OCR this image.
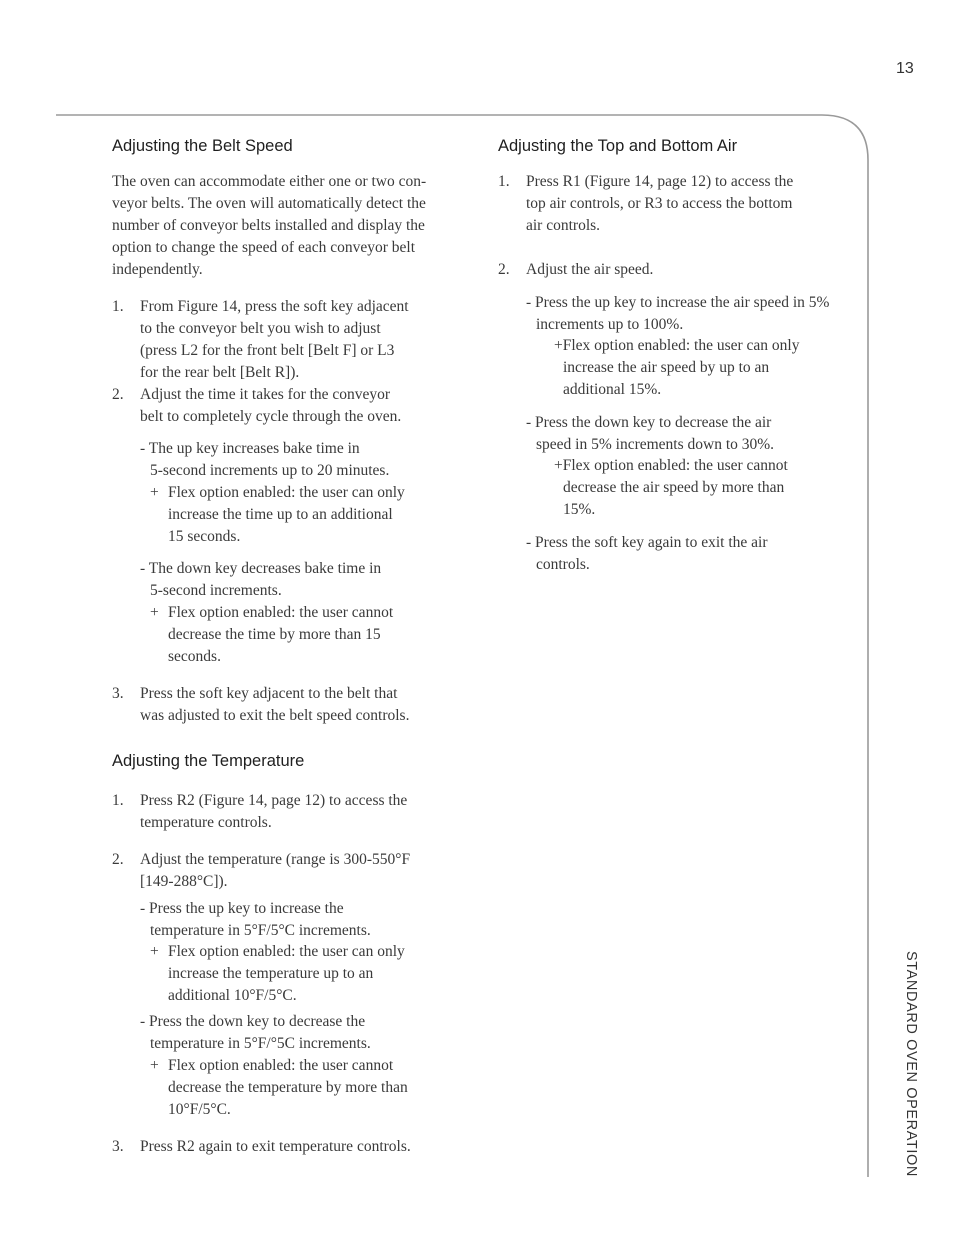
13
STANDARD OVEN OPERATION
Adjusting the Belt Speed
The oven can accommodate either one or two con-
veyor belts. The oven will automatically detect the
number of conveyor belts installed and display the
option to change the speed of each conveyor belt
independently.
1. From Figure 14, press the soft key adjacent
to the conveyor belt you wish to adjust
(press L2 for the front belt [Belt F] or L3
for the rear belt [Belt R]).
2. Adjust the time it takes for the conveyor
belt to completely cycle through the oven.
- The up key increases bake time in
5-second increments up to 20 minutes.
+ Flex option enabled: the user can only
increase the time up to an additional
15 seconds.
- The down key decreases bake time in
5-second increments.
+ Flex option enabled: the user cannot
decrease the time by more than 15
seconds.
3. Press the soft key adjacent to the belt that
was adjusted to exit the belt speed controls.
Adjusting the Temperature
1. Press R2 (Figure 14, page 12) to access the
temperature controls.
2. Adjust the temperature (range is 300-550°F
[149-288°C]).
- Press the up key to increase the
temperature in 5°F/5°C increments.
+ Flex option enabled: the user can only
increase the temperature up to an
additional 10°F/5°C.
- Press the down key to decrease the
temperature in 5°F/°5C increments.
+ Flex option enabled: the user cannot
decrease the temperature by more than
10°F/5°C.
3. Press R2 again to exit temperature controls.
Adjusting the Top and Bottom Air
1. Press R1 (Figure 14, page 12) to access the
top air controls, or R3 to access the bottom
air controls.
2. Adjust the air speed.
- Press the up key to increase the air speed in 5%
increments up to 100%.
+Flex option enabled: the user can only
increase the air speed by up to an
additional 15%.
- Press the down key to decrease the air
speed in 5% increments down to 30%.
+Flex option enabled: the user cannot
decrease the air speed by more than
15%.
- Press the soft key again to exit the air
controls.
